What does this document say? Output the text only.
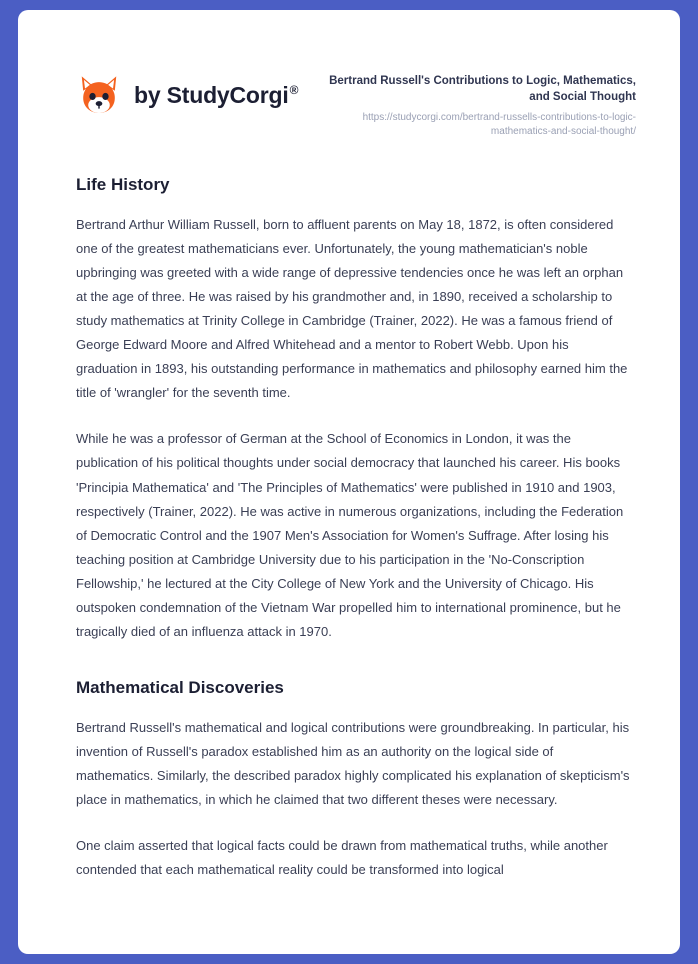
by StudyCorgi®
Bertrand Russell's Contributions to Logic, Mathematics, and Social Thought
https://studycorgi.com/bertrand-russells-contributions-to-logic-mathematics-and-social-thought/
Life History

Bertrand Arthur William Russell, born to affluent parents on May 18, 1872, is often considered one of the greatest mathematicians ever. Unfortunately, the young mathematician's noble upbringing was greeted with a wide range of depressive tendencies once he was left an orphan at the age of three. He was raised by his grandmother and, in 1890, received a scholarship to study mathematics at Trinity College in Cambridge (Trainer, 2022). He was a famous friend of George Edward Moore and Alfred Whitehead and a mentor to Robert Webb. Upon his graduation in 1893, his outstanding performance in mathematics and philosophy earned him the title of 'wrangler' for the seventh time.

While he was a professor of German at the School of Economics in London, it was the publication of his political thoughts under social democracy that launched his career. His books 'Principia Mathematica' and 'The Principles of Mathematics' were published in 1910 and 1903, respectively (Trainer, 2022). He was active in numerous organizations, including the Federation of Democratic Control and the 1907 Men's Association for Women's Suffrage. After losing his teaching position at Cambridge University due to his participation in the 'No-Conscription Fellowship,' he lectured at the City College of New York and the University of Chicago. His outspoken condemnation of the Vietnam War propelled him to international prominence, but he tragically died of an influenza attack in 1970.

Mathematical Discoveries

Bertrand Russell's mathematical and logical contributions were groundbreaking. In particular, his invention of Russell's paradox established him as an authority on the logical side of mathematics. Similarly, the described paradox highly complicated his explanation of skepticism's place in mathematics, in which he claimed that two different theses were necessary.

One claim asserted that logical facts could be drawn from mathematical truths, while another contended that each mathematical reality could be transformed into logical
